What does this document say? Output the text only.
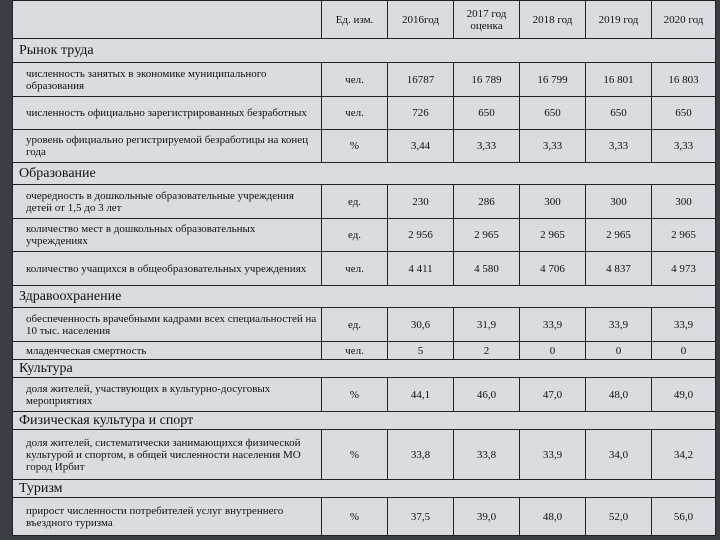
	Ед. изм.	2016год	2017 год оценка	2018 год	2019 год	2020 год
Рынок труда						
численность занятых в экономике муниципального образования	чел.	16787	16 789	16 799	16 801	16 803
численность официально зарегистрированных безработных	чел.	726	650	650	650	650
уровень официально регистрируемой безработицы на конец года	%	3,44	3,33	3,33	3,33	3,33
Образование						
очередность в дошкольные образовательные учреждения детей от 1,5 до 3 лет	ед.	230	286	300	300	300
количество мест в дошкольных образовательных учреждениях	ед.	2 956	2 965	2 965	2 965	2 965
количество учащихся в общеобразовательных учреждениях	чел.	4 411	4 580	4 706	4 837	4 973
Здравоохранение						
обеспеченность врачебными кадрами всех специальностей на 10 тыс. населения	ед.	30,6	31,9	33,9	33,9	33,9
младенческая смертность	чел.	5	2	0	0	0
Культура						
доля жителей, участвующих в культурно-досуговых мероприятиях	%	44,1	46,0	47,0	48,0	49,0
Физическая культура и спорт						
доля жителей, систематически занимающихся физической культурой и спортом, в общей численности населения МО город Ирбит	%	33,8	33,8	33,9	34,0	34,2
Туризм						
прирост численности потребителей услуг внутреннего въездного туризма	%	37,5	39,0	48,0	52,0	56,0
